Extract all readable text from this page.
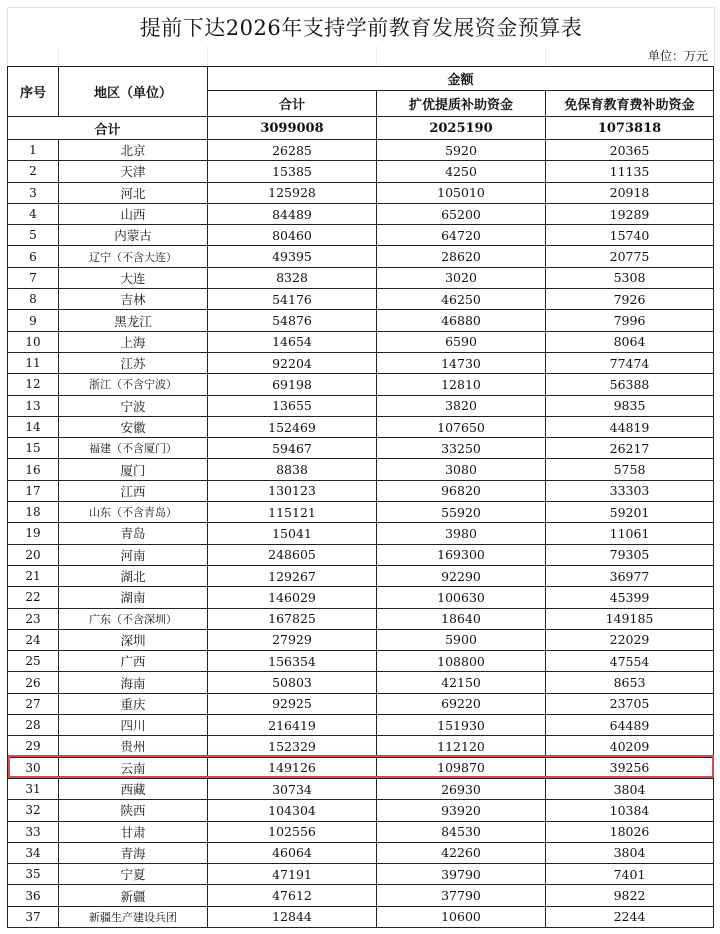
提前下达2026年支持学前教育发展资金预算表
单位：万元
序号	地区（单位）	金额		
		合计	扩优提质补助资金	免保育教育费补助资金
合计		3099008	2025190	1073818
1	北京	26285	5920	20365
2	天津	15385	4250	11135
3	河北	125928	105010	20918
4	山西	84489	65200	19289
5	内蒙古	80460	64720	15740
6	辽宁（不含大连）	49395	28620	20775
7	大连	8328	3020	5308
8	吉林	54176	46250	7926
9	黑龙江	54876	46880	7996
10	上海	14654	6590	8064
11	江苏	92204	14730	77474
12	浙江（不含宁波）	69198	12810	56388
13	宁波	13655	3820	9835
14	安徽	152469	107650	44819
15	福建（不含厦门）	59467	33250	26217
16	厦门	8838	3080	5758
17	江西	130123	96820	33303
18	山东（不含青岛）	115121	55920	59201
19	青岛	15041	3980	11061
20	河南	248605	169300	79305
21	湖北	129267	92290	36977
22	湖南	146029	100630	45399
23	广东（不含深圳）	167825	18640	149185
24	深圳	27929	5900	22029
25	广西	156354	108800	47554
26	海南	50803	42150	8653
27	重庆	92925	69220	23705
28	四川	216419	151930	64489
29	贵州	152329	112120	40209
30	云南	149126	109870	39256
31	西藏	30734	26930	3804
32	陕西	104304	93920	10384
33	甘肃	102556	84530	18026
34	青海	46064	42260	3804
35	宁夏	47191	39790	7401
36	新疆	47612	37790	9822
37	新疆生产建设兵团	12844	10600	2244
